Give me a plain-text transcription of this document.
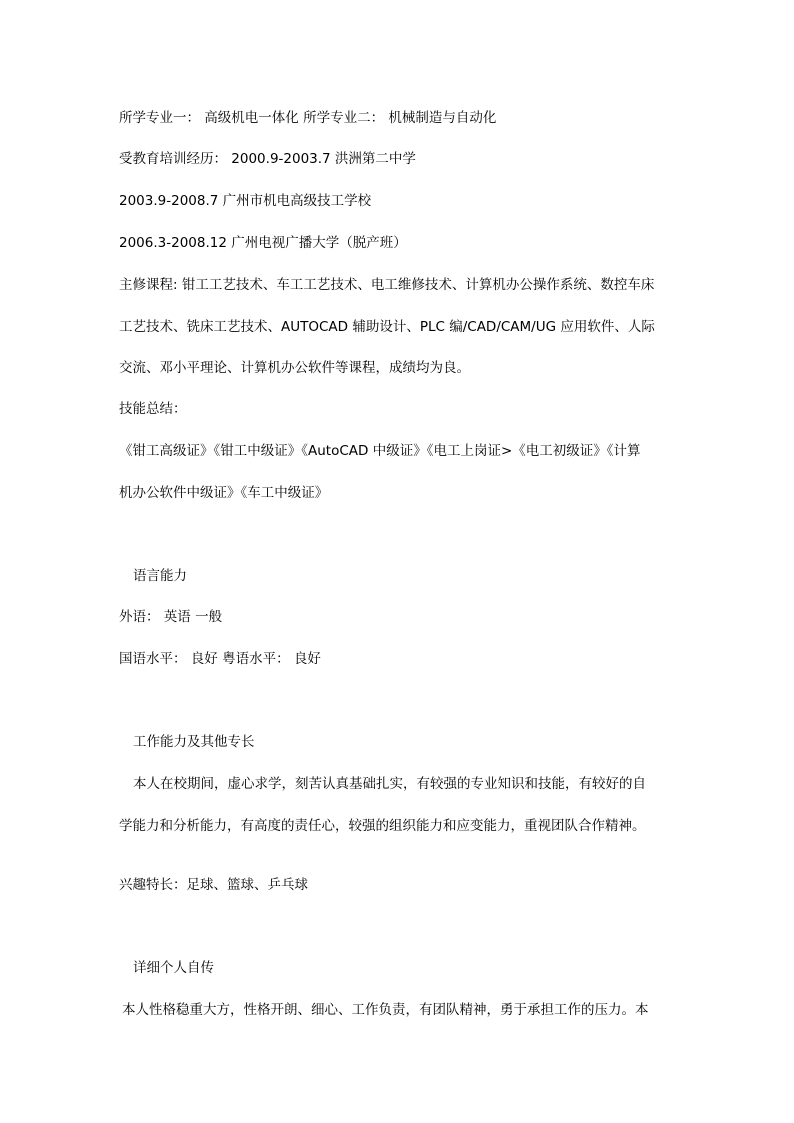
所学专业一： 高级机电一体化 所学专业二： 机械制造与自动化
受教育培训经历： 2000.9-2003.7 洪洲第二中学
2003.9-2008.7 广州市机电高级技工学校
2006.3-2008.12 广州电视广播大学（脱产班）
主修课程: 钳工工艺技术、车工工艺技术、电工维修技术、计算机办公操作系统、数控车床
工艺技术、铣床工艺技术、AUTOCAD 辅助设计、PLC 编/CAD/CAM/UG 应用软件、人际
交流、邓小平理论、计算机办公软件等课程，成绩均为良。
技能总结：
《钳工高级证》《钳工中级证》《AutoCAD 中级证》《电工上岗证>《电工初级证》《计算
机办公软件中级证》《车工中级证》
语言能力
外语： 英语 一般
国语水平： 良好 粤语水平： 良好
工作能力及其他专长
本人在校期间，虚心求学，刻苦认真基础扎实，有较强的专业知识和技能，有较好的自
学能力和分析能力，有高度的责任心，较强的组织能力和应变能力，重视团队合作精神。
兴趣特长：足球、篮球、乒乓球
详细个人自传
本人性格稳重大方，性格开朗、细心、工作负责，有团队精神，勇于承担工作的压力。本
